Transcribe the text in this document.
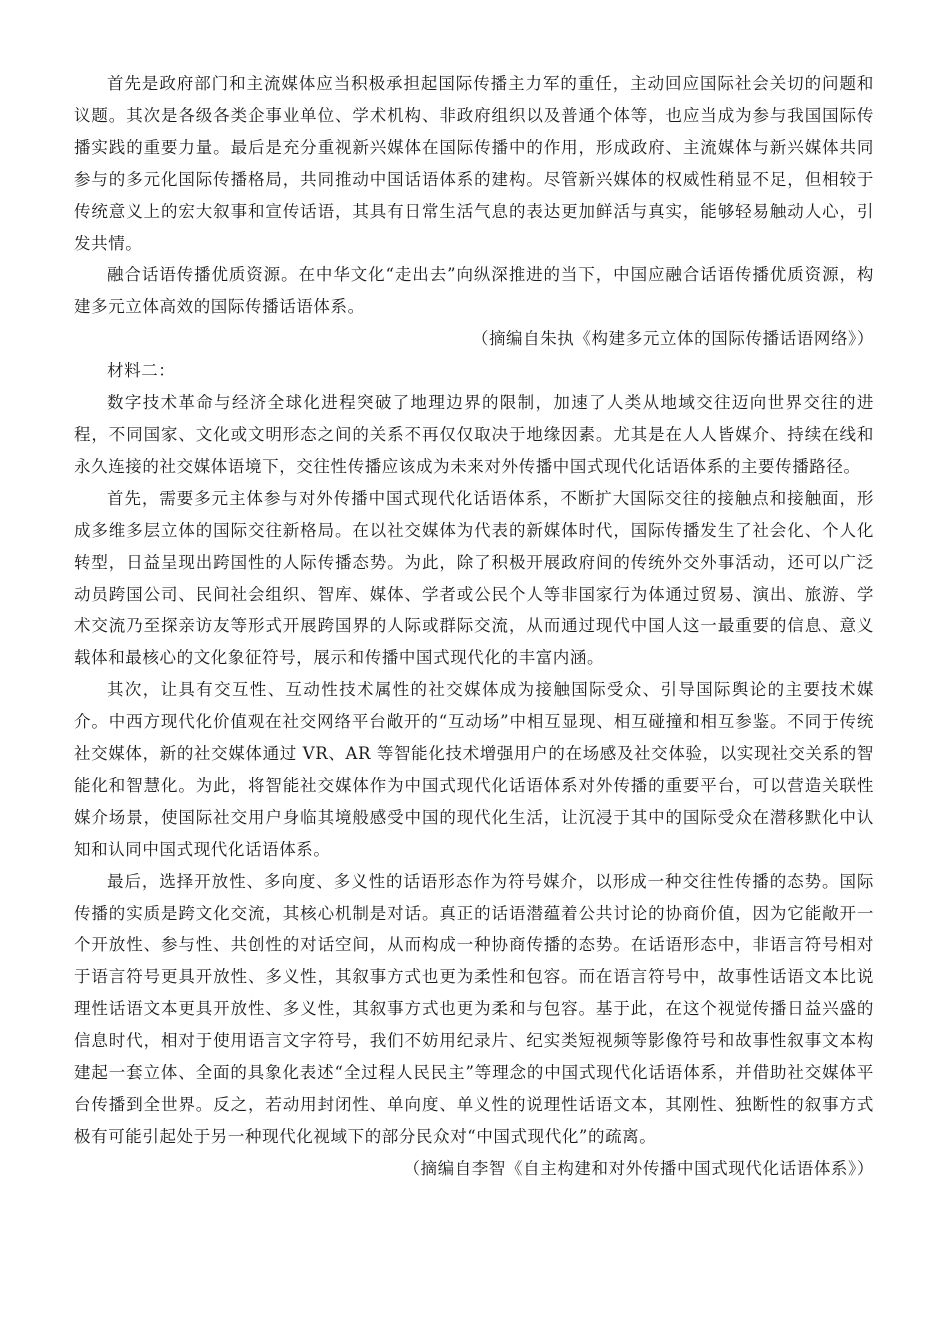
首先是政府部门和主流媒体应当积极承担起国际传播主力军的重任，主动回应国际社会关切的问题和议题。其次是各级各类企事业单位、学术机构、非政府组织以及普通个体等，也应当成为参与我国国际传播实践的重要力量。最后是充分重视新兴媒体在国际传播中的作用，形成政府、主流媒体与新兴媒体共同参与的多元化国际传播格局，共同推动中国话语体系的建构。尽管新兴媒体的权威性稍显不足，但相较于传统意义上的宏大叙事和宣传话语，其具有日常生活气息的表达更加鲜活与真实，能够轻易触动人心，引发共情。

融合话语传播优质资源。在中华文化“走出去”向纵深推进的当下，中国应融合话语传播优质资源，构建多元立体高效的国际传播话语体系。

（摘编自朱执《构建多元立体的国际传播话语网络》）

材料二：

数字技术革命与经济全球化进程突破了地理边界的限制，加速了人类从地域交往迈向世界交往的进程，不同国家、文化或文明形态之间的关系不再仅仅取决于地缘因素。尤其是在人人皆媒介、持续在线和永久连接的社交媒体语境下，交往性传播应该成为未来对外传播中国式现代化话语体系的主要传播路径。

首先，需要多元主体参与对外传播中国式现代化话语体系，不断扩大国际交往的接触点和接触面，形成多维多层立体的国际交往新格局。在以社交媒体为代表的新媒体时代，国际传播发生了社会化、个人化转型，日益呈现出跨国性的人际传播态势。为此，除了积极开展政府间的传统外交外事活动，还可以广泛动员跨国公司、民间社会组织、智库、媒体、学者或公民个人等非国家行为体通过贸易、演出、旅游、学术交流乃至探亲访友等形式开展跨国界的人际或群际交流，从而通过现代中国人这一最重要的信息、意义载体和最核心的文化象征符号，展示和传播中国式现代化的丰富内涵。

其次，让具有交互性、互动性技术属性的社交媒体成为接触国际受众、引导国际舆论的主要技术媒介。中西方现代化价值观在社交网络平台敞开的“互动场”中相互显现、相互碰撞和相互参鉴。不同于传统社交媒体，新的社交媒体通过 VR、AR 等智能化技术增强用户的在场感及社交体验，以实现社交关系的智能化和智慧化。为此，将智能社交媒体作为中国式现代化话语体系对外传播的重要平台，可以营造关联性媒介场景，使国际社交用户身临其境般感受中国的现代化生活，让沉浸于其中的国际受众在潜移默化中认知和认同中国式现代化话语体系。

最后，选择开放性、多向度、多义性的话语形态作为符号媒介，以形成一种交往性传播的态势。国际传播的实质是跨文化交流，其核心机制是对话。真正的话语潜蕴着公共讨论的协商价值，因为它能敞开一个开放性、参与性、共创性的对话空间，从而构成一种协商传播的态势。在话语形态中，非语言符号相对于语言符号更具开放性、多义性，其叙事方式也更为柔性和包容。而在语言符号中，故事性话语文本比说理性话语文本更具开放性、多义性，其叙事方式也更为柔和与包容。基于此，在这个视觉传播日益兴盛的信息时代，相对于使用语言文字符号，我们不妨用纪录片、纪实类短视频等影像符号和故事性叙事文本构建起一套立体、全面的具象化表述“全过程人民民主”等理念的中国式现代化话语体系，并借助社交媒体平台传播到全世界。反之，若动用封闭性、单向度、单义性的说理性话语文本，其刚性、独断性的叙事方式极有可能引起处于另一种现代化视域下的部分民众对“中国式现代化”的疏离。

（摘编自李智《自主构建和对外传播中国式现代化话语体系》）
